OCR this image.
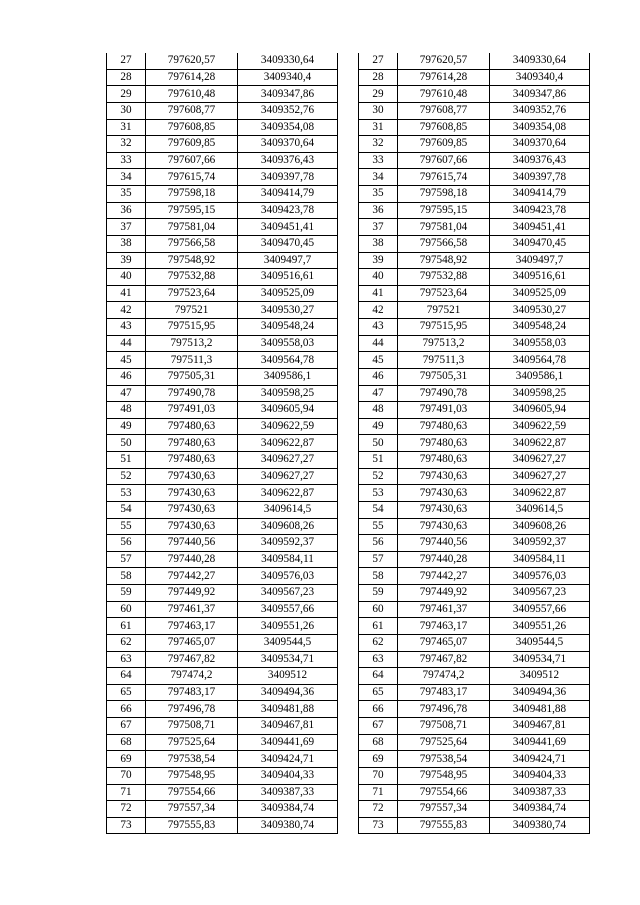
27	797620,57	3409330,64
28	797614,28	3409340,4
29	797610,48	3409347,86
30	797608,77	3409352,76
31	797608,85	3409354,08
32	797609,85	3409370,64
33	797607,66	3409376,43
34	797615,74	3409397,78
35	797598,18	3409414,79
36	797595,15	3409423,78
37	797581,04	3409451,41
38	797566,58	3409470,45
39	797548,92	3409497,7
40	797532,88	3409516,61
41	797523,64	3409525,09
42	797521	3409530,27
43	797515,95	3409548,24
44	797513,2	3409558,03
45	797511,3	3409564,78
46	797505,31	3409586,1
47	797490,78	3409598,25
48	797491,03	3409605,94
49	797480,63	3409622,59
50	797480,63	3409622,87
51	797480,63	3409627,27
52	797430,63	3409627,27
53	797430,63	3409622,87
54	797430,63	3409614,5
55	797430,63	3409608,26
56	797440,56	3409592,37
57	797440,28	3409584,11
58	797442,27	3409576,03
59	797449,92	3409567,23
60	797461,37	3409557,66
61	797463,17	3409551,26
62	797465,07	3409544,5
63	797467,82	3409534,71
64	797474,2	3409512
65	797483,17	3409494,36
66	797496,78	3409481,88
67	797508,71	3409467,81
68	797525,64	3409441,69
69	797538,54	3409424,71
70	797548,95	3409404,33
71	797554,66	3409387,33
72	797557,34	3409384,74
73	797555,83	3409380,74
27	797620,57	3409330,64
28	797614,28	3409340,4
29	797610,48	3409347,86
30	797608,77	3409352,76
31	797608,85	3409354,08
32	797609,85	3409370,64
33	797607,66	3409376,43
34	797615,74	3409397,78
35	797598,18	3409414,79
36	797595,15	3409423,78
37	797581,04	3409451,41
38	797566,58	3409470,45
39	797548,92	3409497,7
40	797532,88	3409516,61
41	797523,64	3409525,09
42	797521	3409530,27
43	797515,95	3409548,24
44	797513,2	3409558,03
45	797511,3	3409564,78
46	797505,31	3409586,1
47	797490,78	3409598,25
48	797491,03	3409605,94
49	797480,63	3409622,59
50	797480,63	3409622,87
51	797480,63	3409627,27
52	797430,63	3409627,27
53	797430,63	3409622,87
54	797430,63	3409614,5
55	797430,63	3409608,26
56	797440,56	3409592,37
57	797440,28	3409584,11
58	797442,27	3409576,03
59	797449,92	3409567,23
60	797461,37	3409557,66
61	797463,17	3409551,26
62	797465,07	3409544,5
63	797467,82	3409534,71
64	797474,2	3409512
65	797483,17	3409494,36
66	797496,78	3409481,88
67	797508,71	3409467,81
68	797525,64	3409441,69
69	797538,54	3409424,71
70	797548,95	3409404,33
71	797554,66	3409387,33
72	797557,34	3409384,74
73	797555,83	3409380,74
